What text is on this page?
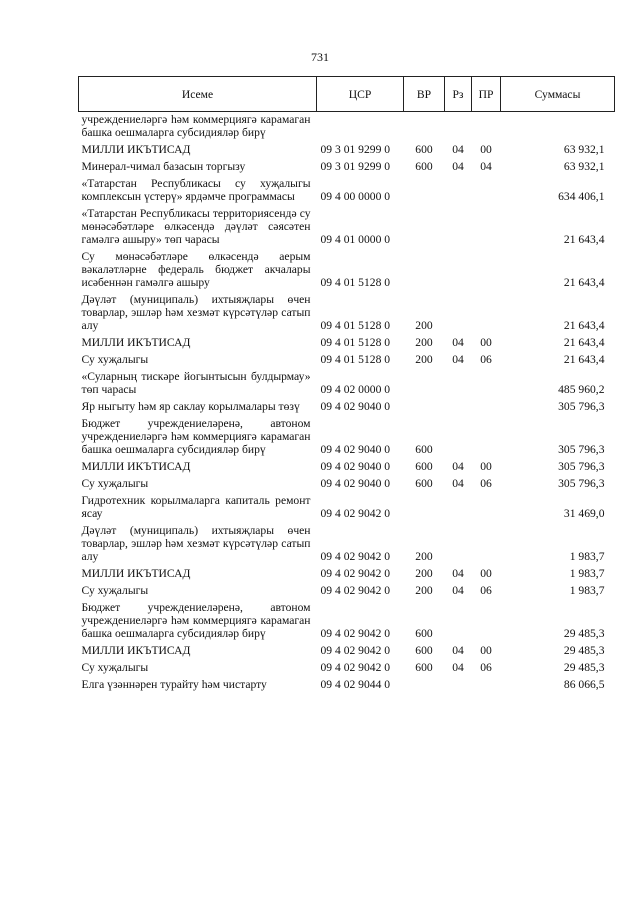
731
Исеме	ЦСР	ВР	Рз	ПР	Суммасы
учреждениеләргә һәм коммерциягә карамаган башка оешмаларга субсидияләр бирү					
МИЛЛИ ИКЪТИСАД	09 3 01 9299 0	600	04	00	63 932,1
Минерал-чимал базасын торгызу	09 3 01 9299 0	600	04	04	63 932,1
«Татарстан Республикасы су хуҗалыгы комплексын үстерү» ярдәмче программасы	09 4 00 0000 0				634 406,1
«Татарстан Республикасы территориясендә су мөнәсәбәтләре өлкәсендә дәүләт сәясәтен гамәлгә ашыру» төп чарасы	09 4 01 0000 0				21 643,4
Су мөнәсәбәтләре өлкәсендә аерым вәкаләтләрне федераль бюджет акчалары исәбеннән гамәлгә ашыру	09 4 01 5128 0				21 643,4
Дәүләт (муниципаль) ихтыяҗлары өчен товарлар, эшләр һәм хезмәт күрсәтүләр сатып алу	09 4 01 5128 0	200			21 643,4
МИЛЛИ ИКЪТИСАД	09 4 01 5128 0	200	04	00	21 643,4
Су хуҗалыгы	09 4 01 5128 0	200	04	06	21 643,4
«Суларның тискәре йогынтысын булдырмау» төп чарасы	09 4 02 0000 0				485 960,2
Яр ныгыту һәм яр саклау корылмалары төзү	09 4 02 9040 0				305 796,3
Бюджет учреждениеләренә, автоном учреждениеләргә һәм коммерциягә карамаган башка оешмаларга субсидияләр бирү	09 4 02 9040 0	600			305 796,3
МИЛЛИ ИКЪТИСАД	09 4 02 9040 0	600	04	00	305 796,3
Су хуҗалыгы	09 4 02 9040 0	600	04	06	305 796,3
Гидротехник корылмаларга капиталь ремонт ясау	09 4 02 9042 0				31 469,0
Дәүләт (муниципаль) ихтыяҗлары өчен товарлар, эшләр һәм хезмәт күрсәтүләр сатып алу	09 4 02 9042 0	200			1 983,7
МИЛЛИ ИКЪТИСАД	09 4 02 9042 0	200	04	00	1 983,7
Су хуҗалыгы	09 4 02 9042 0	200	04	06	1 983,7
Бюджет учреждениеләренә, автоном учреждениеләргә һәм коммерциягә карамаган башка оешмаларга субсидияләр бирү	09 4 02 9042 0	600			29 485,3
МИЛЛИ ИКЪТИСАД	09 4 02 9042 0	600	04	00	29 485,3
Су хуҗалыгы	09 4 02 9042 0	600	04	06	29 485,3
Елга үзәннәрен турайту һәм чистарту	09 4 02 9044 0				86 066,5
